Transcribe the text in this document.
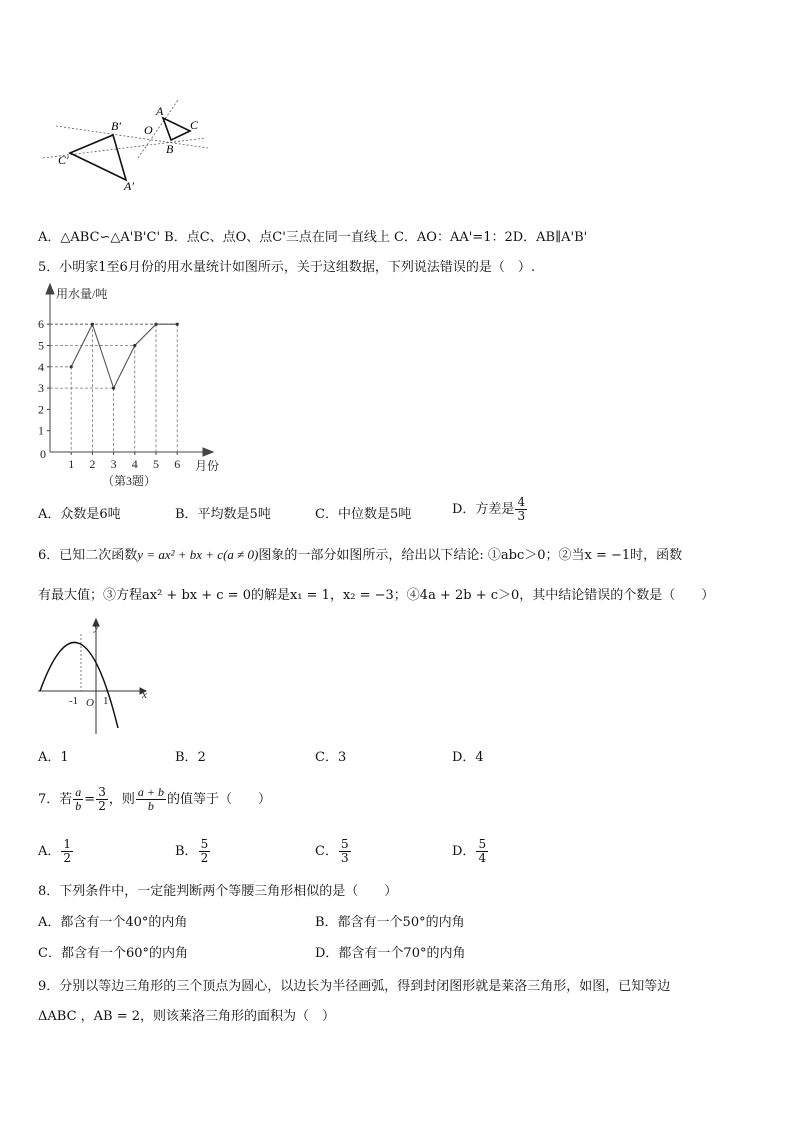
A
C
B
O
B′
C′
A′
A．△ABC∽△A'B'C' B．点C、点O、点C'三点在同一直线上 C．AO：AA'=1：2D．AB∥A'B'
5．小明家1至6月份的用水量统计如图所示，关于这组数据，下列说法错误的是（　）.
1
2
3
4
5
6
1 2 3 4 5 6
用水量/吨
月份
0
（第3题）
A．众数是6吨	B．平均数是5吨	C．中位数是5吨	D．方差是 $\frac{4}{3}$
6．已知二次函数y = ax² + bx + c(a ≠ 0)图象的一部分如图所示，给出以下结论: ①abc＞0；②当x = −1时，函数
有最大值；③方程ax² + bx + c = 0的解是x₁ = 1，x₂ = −3；④4a + 2b + c＞0，其中结论错误的个数是（　　）
y
x
-1 O 1
A．1	B．2	C．3	D．4
7．若 $\frac{a}{b} = \frac{3}{2}$ ，则 $\frac{a + b}{b}$ 的值等于（　　）
A． $\frac{1}{2}$	B． $\frac{5}{2}$	C． $\frac{5}{3}$	D． $\frac{5}{4}$
8．下列条件中，一定能判断两个等腰三角形相似的是（　　）
A．都含有一个40°的内角	B．都含有一个50°的内角
C．都含有一个60°的内角	D．都含有一个70°的内角
9．分别以等边三角形的三个顶点为圆心，以边长为半径画弧，得到封闭图形就是莱洛三角形，如图，已知等边
ΔABC ，AB = 2，则该莱洛三角形的面积为（　）
